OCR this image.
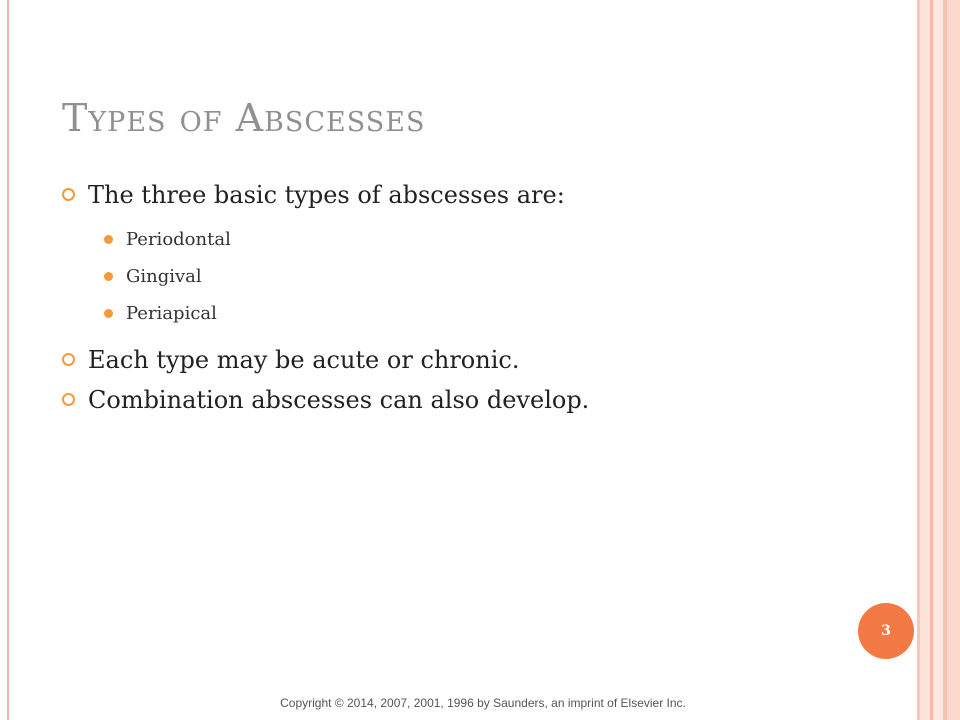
Types of Abscesses
The three basic types of abscesses are:
Periodontal
Gingival
Periapical
Each type may be acute or chronic.
Combination abscesses can also develop.
3
Copyright © 2014, 2007, 2001, 1996 by Saunders, an imprint of Elsevier Inc.
